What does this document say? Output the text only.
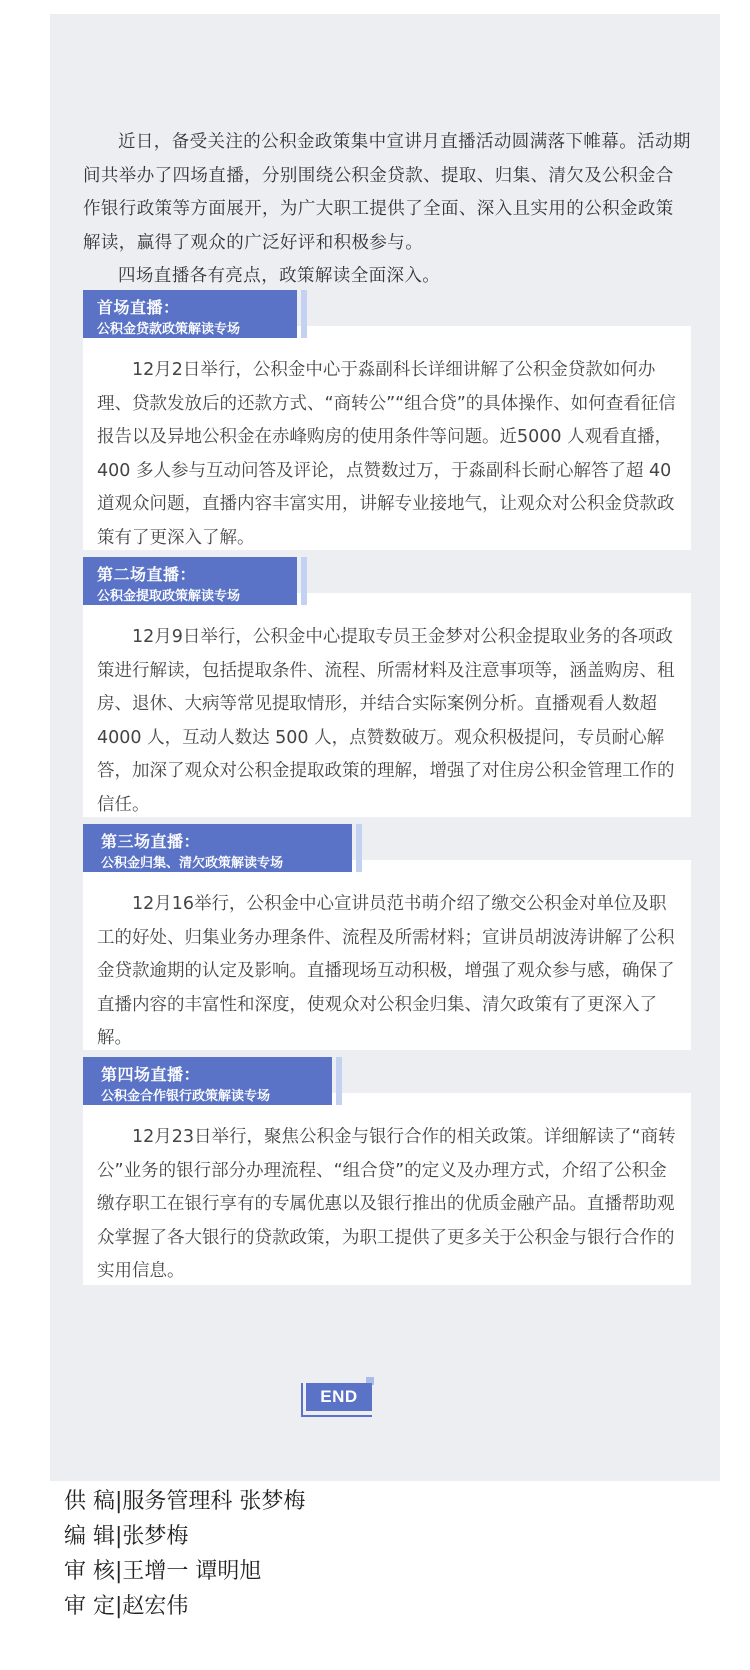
近日，备受关注的公积金政策集中宣讲月直播活动圆满落下帷幕。活动期间共举办了四场直播，分别围绕公积金贷款、提取、归集、清欠及公积金合作银行政策等方面展开，为广大职工提供了全面、深入且实用的公积金政策解读，赢得了观众的广泛好评和积极参与。

四场直播各有亮点，政策解读全面深入。

12月2日举行，公积金中心于淼副科长详细讲解了公积金贷款如何办理、贷款发放后的还款方式、“商转公”“组合贷”的具体操作、如何查看征信报告以及异地公积金在赤峰购房的使用条件等问题。近5000 人观看直播，400 多人参与互动问答及评论，点赞数过万，于淼副科长耐心解答了超 40 道观众问题，直播内容丰富实用，讲解专业接地气，让观众对公积金贷款政策有了更深入了解。

首场直播：
公积金贷款政策解读专场

12月9日举行，公积金中心提取专员王金梦对公积金提取业务的各项政策进行解读，包括提取条件、流程、所需材料及注意事项等，涵盖购房、租房、退休、大病等常见提取情形，并结合实际案例分析。直播观看人数超 4000 人，互动人数达 500 人，点赞数破万。观众积极提问，专员耐心解答，加深了观众对公积金提取政策的理解，增强了对住房公积金管理工作的信任。

第二场直播：
公积金提取政策解读专场

12月16举行，公积金中心宣讲员范书萌介绍了缴交公积金对单位及职工的好处、归集业务办理条件、流程及所需材料；宣讲员胡波涛讲解了公积金贷款逾期的认定及影响。直播现场互动积极，增强了观众参与感，确保了直播内容的丰富性和深度，使观众对公积金归集、清欠政策有了更深入了解。

第三场直播：
公积金归集、清欠政策解读专场

12月23日举行，聚焦公积金与银行合作的相关政策。详细解读了“商转公”业务的银行部分办理流程、“组合贷”的定义及办理方式，介绍了公积金缴存职工在银行享有的专属优惠以及银行推出的优质金融产品。直播帮助观众掌握了各大银行的贷款政策，为职工提供了更多关于公积金与银行合作的实用信息。

第四场直播：
公积金合作银行政策解读专场
END
供 稿|服务管理科 张梦梅
编 辑|张梦梅
审 核|王增一 谭明旭
审 定|赵宏伟
